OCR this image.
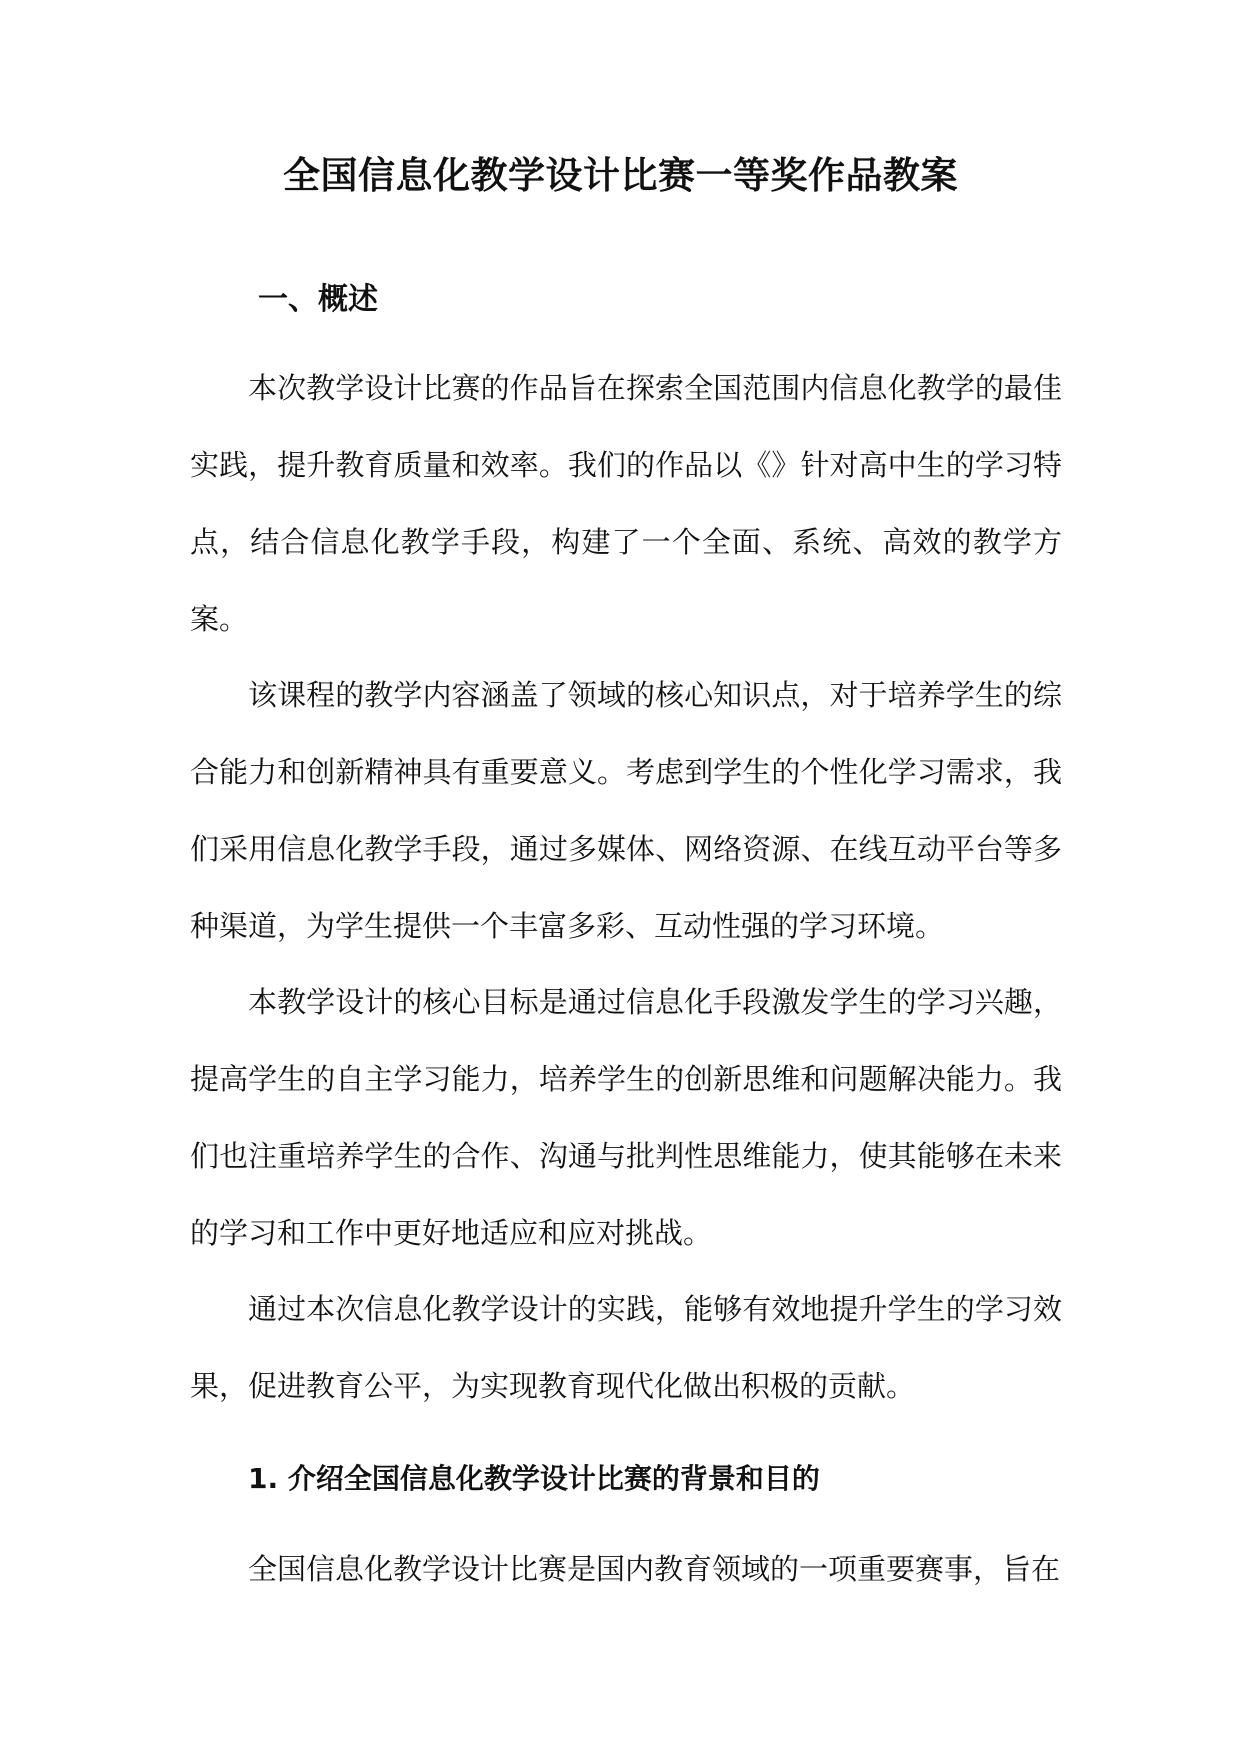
全国信息化教学设计比赛一等奖作品教案
一、概述

本次教学设计比赛的作品旨在探索全国范围内信息化教学的最佳实践，提升教育质量和效率。我们的作品以《》针对高中生的学习特点，结合信息化教学手段，构建了一个全面、系统、高效的教学方案。

该课程的教学内容涵盖了领域的核心知识点，对于培养学生的综合能力和创新精神具有重要意义。考虑到学生的个性化学习需求，我们采用信息化教学手段，通过多媒体、网络资源、在线互动平台等多种渠道，为学生提供一个丰富多彩、互动性强的学习环境。

本教学设计的核心目标是通过信息化手段激发学生的学习兴趣，提高学生的自主学习能力，培养学生的创新思维和问题解决能力。我们也注重培养学生的合作、沟通与批判性思维能力，使其能够在未来的学习和工作中更好地适应和应对挑战。

通过本次信息化教学设计的实践，能够有效地提升学生的学习效果，促进教育公平，为实现教育现代化做出积极的贡献。

1. 介绍全国信息化教学设计比赛的背景和目的

全国信息化教学设计比赛是国内教育领域的一项重要赛事，旨在
